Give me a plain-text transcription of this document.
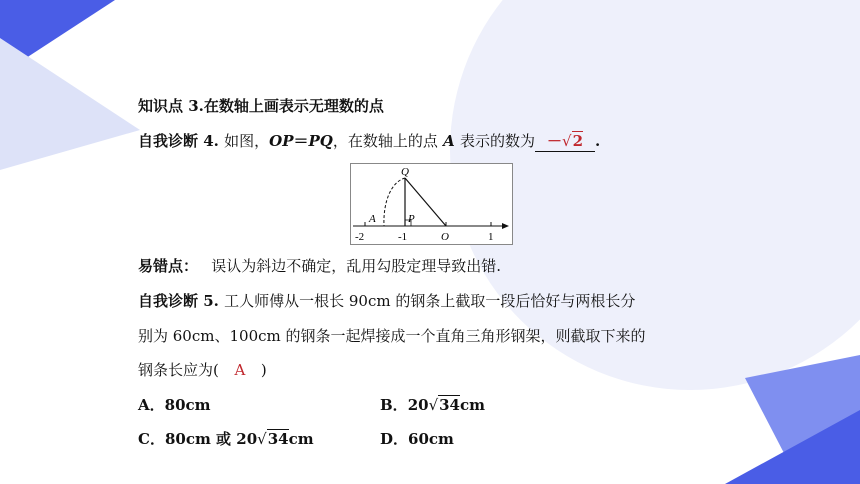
知识点 3.在数轴上画表示无理数的点
自我诊断 4. 如图，OP＝PQ，在数轴上的点 A 表示的数为 －√2 .
Q
A	P
-2	-1	O	1
易错点： 误认为斜边不确定，乱用勾股定理导致出错.
自我诊断 5. 工人师傅从一根长 90cm 的钢条上截取一段后恰好与两根长分
别为 60cm、100cm 的钢条一起焊接成一个直角三角形钢架，则截取下来的
钢条长应为( A )
A．80cm	B．20√34cm
C．80cm 或 20√34cm	D．60cm
